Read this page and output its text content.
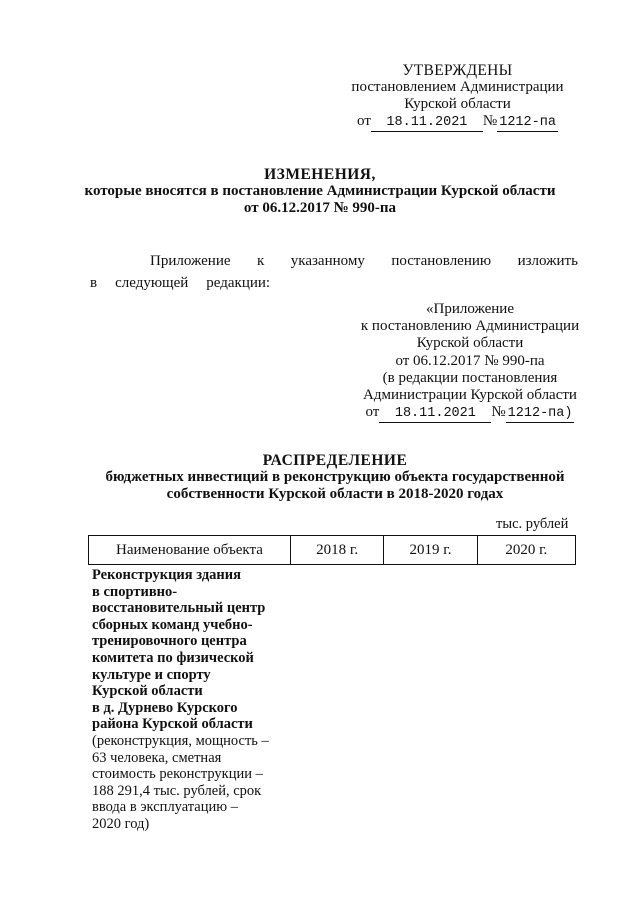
УТВЕРЖДЕНЫ
постановлением Администрации
Курской области
от	18.11.2021	№ 1212-па
ИЗМЕНЕНИЯ,
которые вносятся в постановление Администрации Курской области
от 06.12.2017 № 990-па
Приложение к указанному постановлению изложить
в следующей редакции:
«Приложение
к постановлению Администрации
Курской области
от 06.12.2017 № 990-па
(в редакции постановления
Администрации Курской области
от	18.11.2021	№ 1212-па)
РАСПРЕДЕЛЕНИЕ
бюджетных инвестиций в реконструкцию объекта государственной
собственности Курской области в 2018-2020 годах
тыс. рублей
Наименование объекта	2018 г.	2019 г.	2020 г.
Реконструкция здания
в спортивно-
восстановительный центр
сборных команд учебно-
тренировочного центра
комитета по физической
культуре и спорту
Курской области
в д. Дурнево Курского
района Курской области
(реконструкция, мощность –
63 человека, сметная
стоимость реконструкции –
188 291,4 тыс. рублей, срок
ввода в эксплуатацию –
2020 год)
